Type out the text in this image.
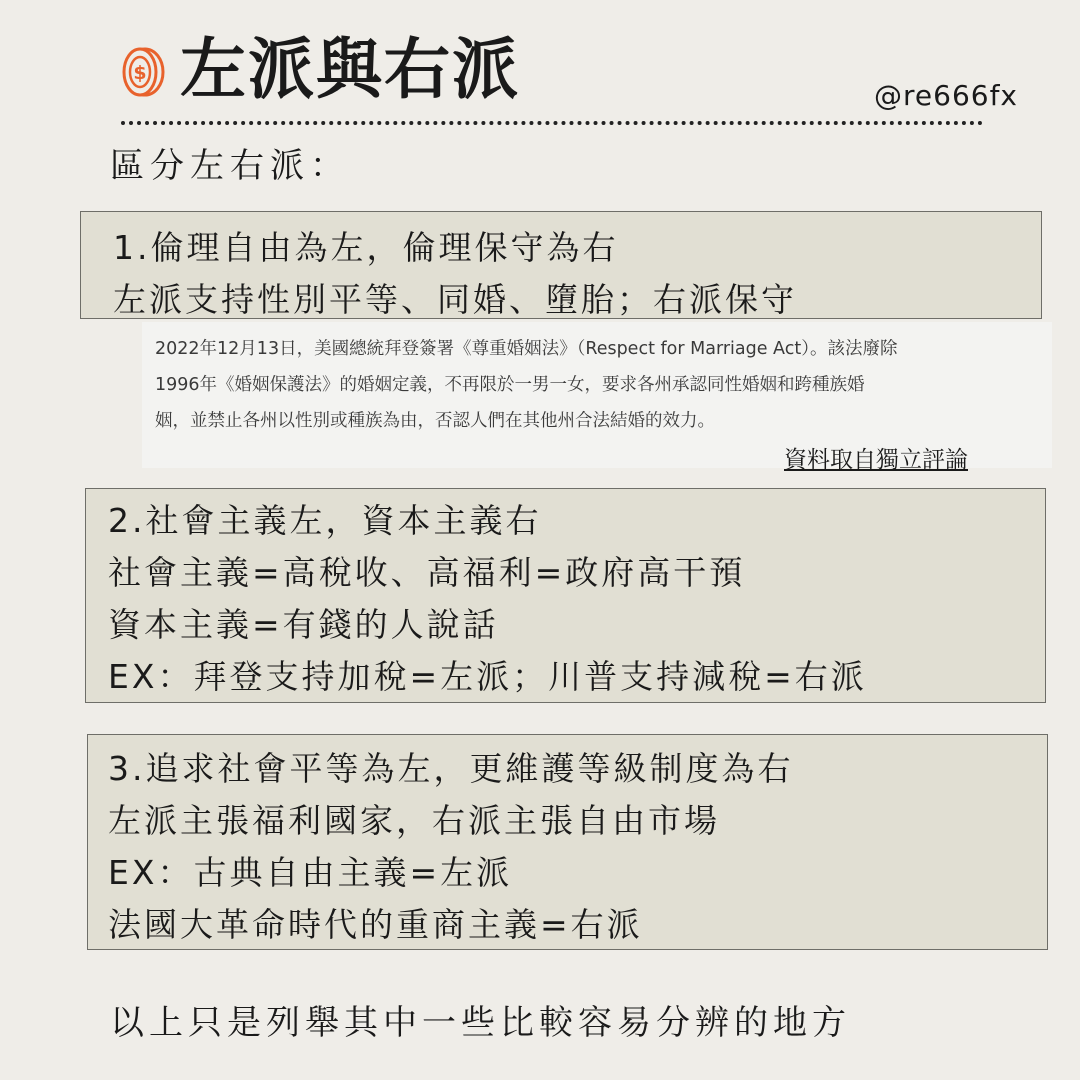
$ 左派與右派	@re666fx
區分左右派：
1.倫理自由為左，倫理保守為右
左派支持性別平等、同婚、墮胎；右派保守
2022年12月13日，美國總統拜登簽署《尊重婚姻法》（Respect for Marriage Act）。該法廢除
1996年《婚姻保護法》的婚姻定義，不再限於一男一女，要求各州承認同性婚姻和跨種族婚
姻，並禁止各州以性別或種族為由，否認人們在其他州合法結婚的效力。
資料取自獨立評論
2.社會主義左，資本主義右
社會主義=高稅收、高福利=政府高干預
資本主義=有錢的人說話
EX：拜登支持加稅=左派；川普支持減稅=右派
3.追求社會平等為左，更維護等級制度為右
左派主張福利國家，右派主張自由市場
EX：古典自由主義=左派
法國大革命時代的重商主義=右派
以上只是列舉其中一些比較容易分辨的地方
